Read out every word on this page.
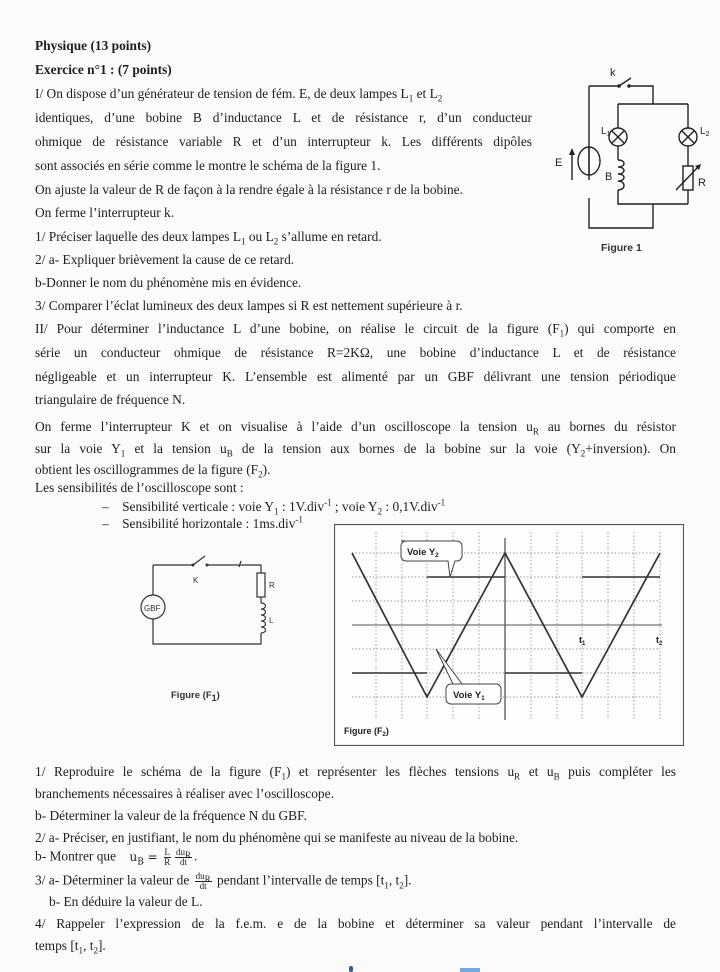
Physique (13 points)
Exercice n°1 : (7 points)
I/ On dispose d’un générateur de tension de fém. E, de deux lampes $L_1$ et $L_2$
identiques, d’une bobine B d’inductance L et de résistance r, d’un conducteur
ohmique de résistance variable R et d’un interrupteur k. Les différents dipôles
sont associés en série comme le montre le schéma de la figure 1.
On ajuste la valeur de R de façon à la rendre égale à la résistance r de la bobine.
On ferme l’interrupteur k.
1/ Préciser laquelle des deux lampes $L_1$ ou $L_2$ s’allume en retard.
2/ a- Expliquer brièvement la cause de ce retard.
b-Donner le nom du phénomène mis en évidence.
3/ Comparer l’éclat lumineux des deux lampes si R est nettement supérieure à r.
k
E
$L_1$	$L_2$
B	R
Figure 1
II/ Pour déterminer l’inductance L d’une bobine, on réalise le circuit de la figure $(F_1)$ qui comporte en
série un conducteur ohmique de résistance R=2KΩ, une bobine d’inductance L et de résistance
négligeable et un interrupteur K. L’ensemble est alimenté par un GBF délivrant une tension périodique
triangulaire de fréquence N.
On ferme l’interrupteur K et on visualise à l’aide d’un oscilloscope la tension $u_R$ au bornes du résistor
sur la voie $Y_1$ et la tension $u_B$ de la tension aux bornes de la bobine sur la voie $(Y_2+inversion)$. On
obtient les oscillogrammes de la figure $(F_2)$.
Les sensibilités de l’oscilloscope sont :
– Sensibilité verticale : voie $Y_1$ : 1V.div$^{-1}$ ; voie $Y_2$ : 0,1V.div$^{-1}$
– Sensibilité horizontale : 1ms.div$^{-1}$
GBF
K
R
L
Figure $(F_1)$
Voie $Y_2$
Voie $Y_1$
$t_1$	$t_2$
Figure $(F_2)$
1/ Reproduire le schéma de la figure $(F_1)$ et représenter les flèches tensions $u_R$ et $u_B$ puis compléter les
branchements nécessaires à réaliser avec l’oscilloscope.
b- Déterminer la valeur de la fréquence N du GBF.
2/ a- Préciser, en justifiant, le nom du phénomène qui se manifeste au niveau de la bobine.
b- Montrer que $u_B = \frac{L}{R} \frac{du_R}{dt}$ .
3/ a- Déterminer la valeur de $\frac{du_R}{dt}$ pendant l’intervalle de temps [$t_1$, $t_2$].
b- En déduire la valeur de L.
4/ Rappeler l’expression de la f.e.m. e de la bobine et déterminer sa valeur pendant l’intervalle de
temps [$t_1$, $t_2$].
